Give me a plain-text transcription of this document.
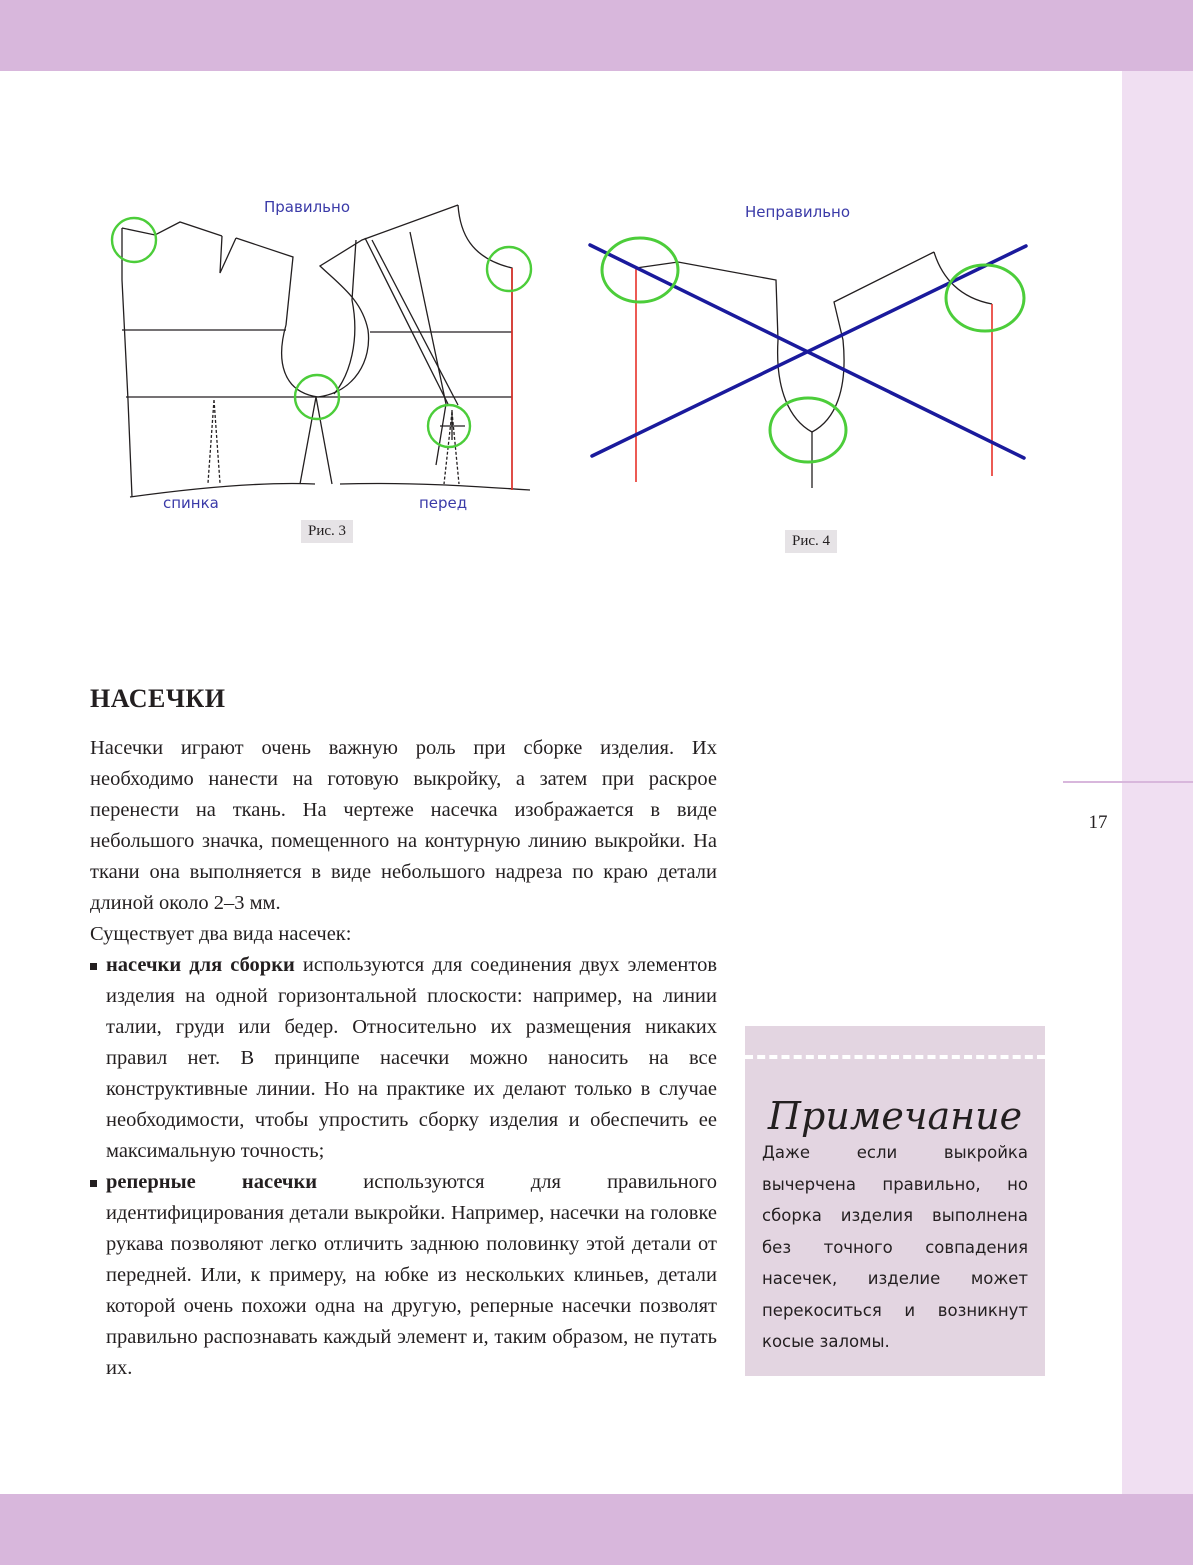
17
Правильно
спинка	перед
Рис. 3
Неправильно
Рис. 4
НАСЕЧКИ

Насечки играют очень важную роль при сборке изделия. Их необходимо нанести на готовую выкройку, а затем при раскрое перенести на ткань. На чертеже насечка изображается в виде небольшого значка, помещенного на контурную линию выкройки. На ткани она выполняется в виде небольшого надреза по краю детали длиной около 2–3 мм.

Существует два вида насечек:

насечки для сборки используются для соединения двух элементов изделия на одной горизонтальной плоскости: например, на линии талии, груди или бедер. Относительно их размещения никаких правил нет. В принципе насечки можно наносить на все конструктивные линии. Но на практике их делают только в случае необходимости, чтобы упростить сборку изделия и обеспечить ее максимальную точность;
реперные насечки используются для правильного идентифицирования детали выкройки. Например, насечки на головке рукава позволяют легко отличить заднюю половинку этой детали от передней. Или, к примеру, на юбке из нескольких клиньев, детали которой очень похожи одна на другую, реперные насечки позволят правильно распознавать каждый элемент и, таким образом, не путать их.
Примечание

Даже если выкройка вычерчена правильно, но сборка изделия выполнена без точного совпадения насечек, изделие может перекоситься и возникнут косые заломы.
